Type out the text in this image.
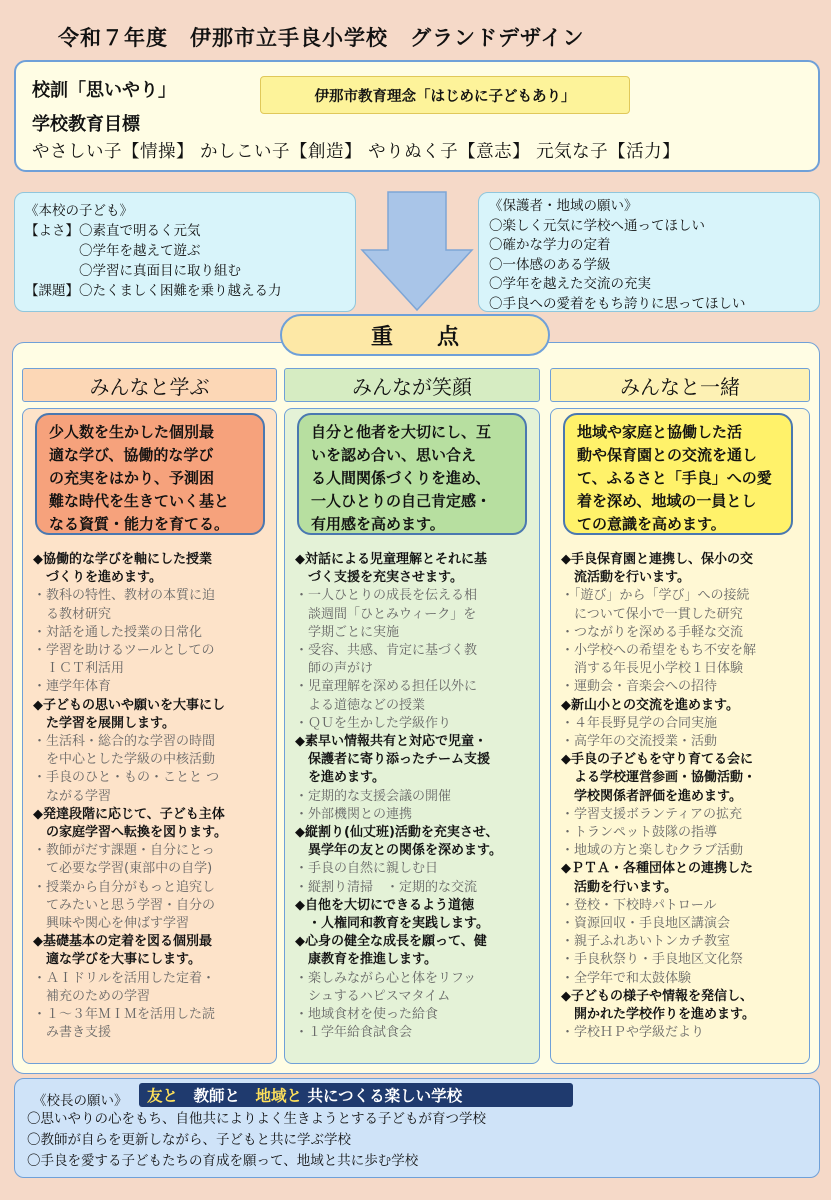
令和７年度　伊那市立手良小学校　グランドデザイン
校訓「思いやり」	伊那市教育理念「はじめに子どもあり」
学校教育目標
やさしい子【情操】 かしこい子【創造】 やりぬく子【意志】 元気な子【活力】
《本校の子ども》
【よさ】〇素直で明るく元気
　　　　〇学年を越えて遊ぶ
　　　　〇学習に真面目に取り組む
【課題】〇たくましく困難を乗り越える力
《保護者・地域の願い》
〇楽しく元気に学校へ通ってほしい
〇確かな学力の定着
〇一体感のある学級
〇学年を越えた交流の充実
〇手良への愛着をもち誇りに思ってほしい
重点
みんなと学ぶ
少人数を生かした個別最
適な学び、協働的な学び
の充実をはかり、予測困
難な時代を生きていく基と
なる資質・能力を育てる。
◆協働的な学びを軸にした授業
　づくりを進めます。
・教科の特性、教材の本質に迫
　る教材研究
・対話を通した授業の日常化
・学習を助けるツールとしての
　ＩＣＴ利活用
・連学年体育
◆子どもの思いや願いを大事にし
　た学習を展開します。
・生活科・総合的な学習の時間
　を中心とした学級の中核活動
・手良のひと・もの・ことと つ
　ながる学習
◆発達段階に応じて、子ども主体
　の家庭学習へ転換を図ります。
・教師がだす課題・自分にとっ
　て必要な学習(東部中の自学)
・授業から自分がもっと追究し
　てみたいと思う学習・自分の
　興味や関心を伸ばす学習
◆基礎基本の定着を図る個別最
　適な学びを大事にします。
・ＡＩドリルを活用した定着・
　補充のための学習
・１～３年ＭＩＭを活用した読
　み書き支援
みんなが笑顔
自分と他者を大切にし、互
いを認め合い、思い合え
る人間関係づくりを進め、
一人ひとりの自己肯定感・
有用感を高めます。
◆対話による児童理解とそれに基
　づく支援を充実させます。
・一人ひとりの成長を伝える相
　談週間「ひとみウィーク」を
　学期ごとに実施
・受容、共感、肯定に基づく教
　師の声がけ
・児童理解を深める担任以外に
　よる道徳などの授業
・ＱＵを生かした学級作り
◆素早い情報共有と対応で児童・
　保護者に寄り添ったチーム支援
　を進めます。
・定期的な支援会議の開催
・外部機関との連携
◆縦割り(仙丈班)活動を充実させ、
　異学年の友との関係を深めます。
・手良の自然に親しむ日
・縦割り清掃　・定期的な交流
◆自他を大切にできるよう道徳
　・人権同和教育を実践します。
◆心身の健全な成長を願って、健
　康教育を推進します。
・楽しみながら心と体をリフッ
　シュするハピスマタイム
・地域食材を使った給食
・１学年給食試食会
みんなと一緒
地域や家庭と協働した活
動や保育園との交流を通し
て、ふるさと「手良」への愛
着を深め、地域の一員とし
ての意識を高めます。
◆手良保育園と連携し、保小の交
　流活動を行います。
・「遊び」から「学び」への接続
　について保小で一貫した研究
・つながりを深める手軽な交流
・小学校への希望をもち不安を解
　消する年長児小学校１日体験
・運動会・音楽会への招待
◆新山小との交流を進めます。
・４年長野見学の合同実施
・高学年の交流授業・活動
◆手良の子どもを守り育てる会に
　よる学校運営参画・協働活動・
　学校関係者評価を進めます。
・学習支援ボランティアの拡充
・トランペット鼓隊の指導
・地域の方と楽しむクラブ活動
◆ＰＴＡ・各種団体との連携した
　活動を行います。
・登校・下校時パトロール
・資源回収・手良地区講演会
・親子ふれあいトンカチ教室
・手良秋祭り・手良地区文化祭
・全学年で和太鼓体験
◆子どもの様子や情報を発信し、
　開かれた学校作りを進めます。
・学校ＨＰや学級だより
《校長の願い》 友と 　教師と 　地域と 共につくる楽しい学校
〇思いやりの心をもち、自他共によりよく生きようとする子どもが育つ学校
〇教師が自らを更新しながら、子どもと共に学ぶ学校
〇手良を愛する子どもたちの育成を願って、地域と共に歩む学校
